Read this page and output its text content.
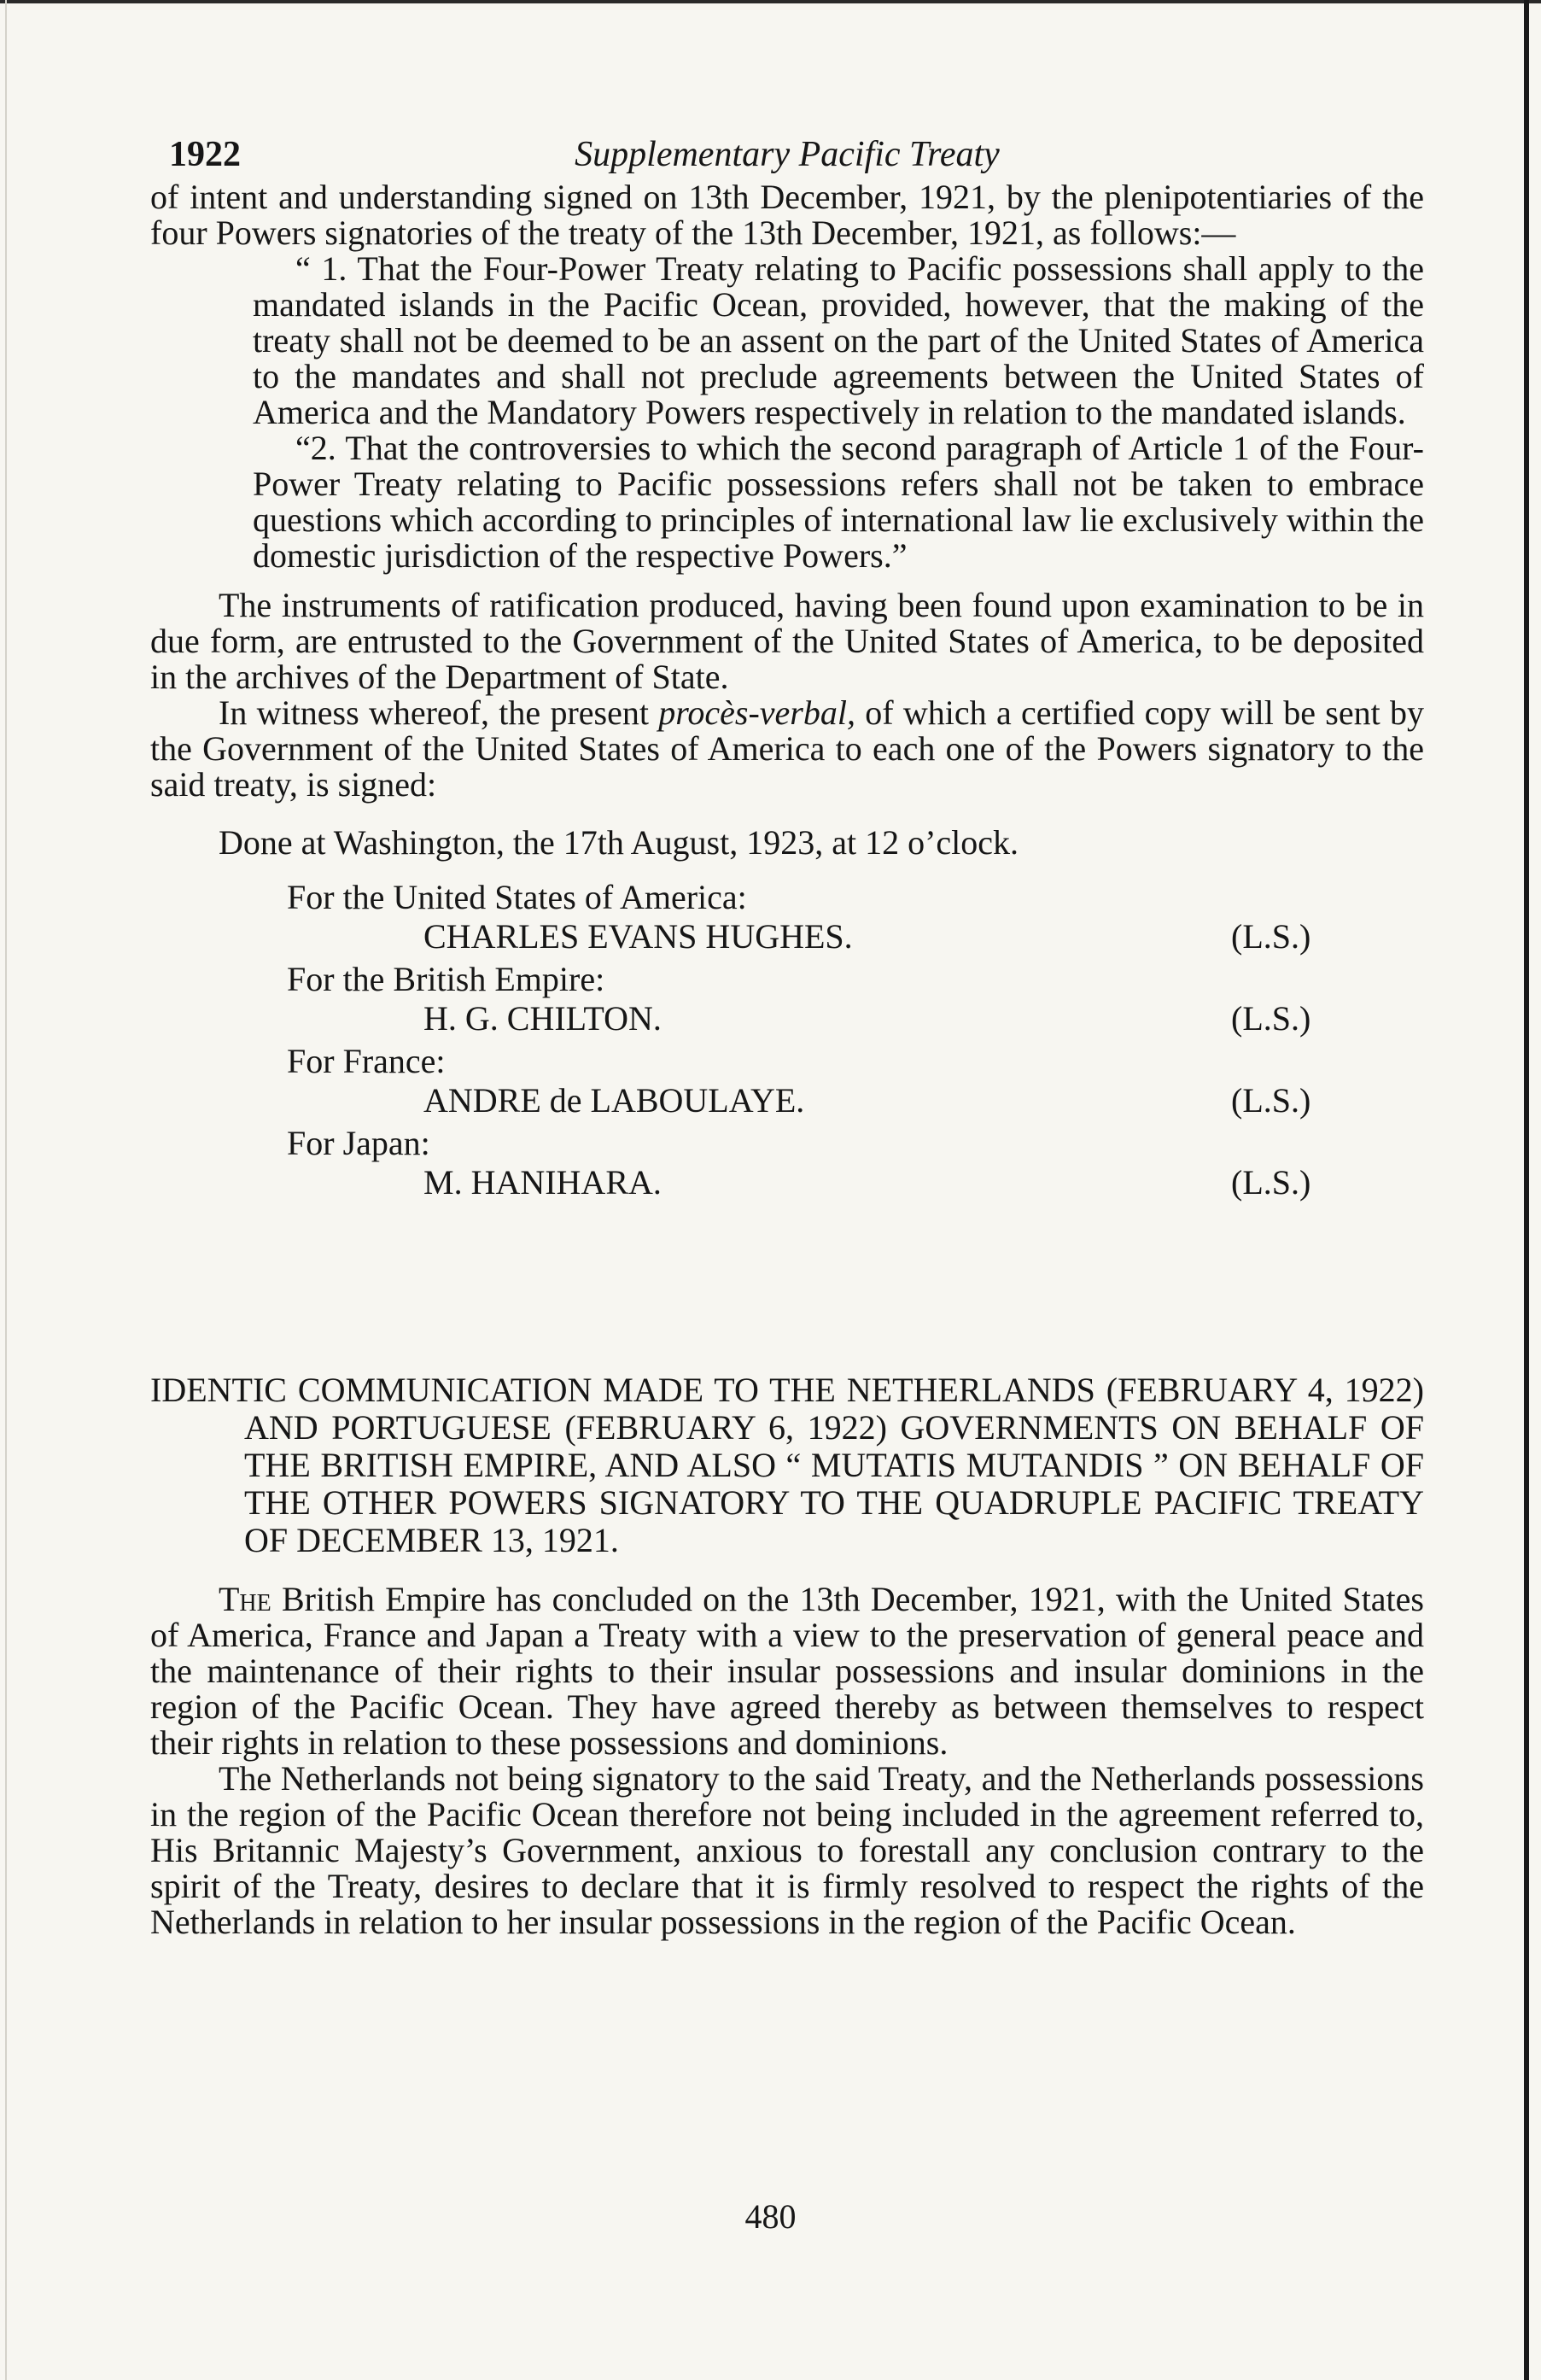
1922	Supplementary Pacific Treaty

of intent and understanding signed on 13th December, 1921, by the plenipotentiaries of the four Powers signatories of the treaty of the 13th December, 1921, as follows:—

“ 1. That the Four-Power Treaty relating to Pacific possessions shall apply to the mandated islands in the Pacific Ocean, provided, however, that the making of the treaty shall not be deemed to be an assent on the part of the United States of America to the mandates and shall not preclude agreements between the United States of America and the Mandatory Powers respectively in relation to the mandated islands.

“2. That the controversies to which the second paragraph of Article 1 of the Four-Power Treaty relating to Pacific possessions refers shall not be taken to embrace questions which according to principles of international law lie exclusively within the domestic jurisdiction of the respective Powers.”

The instruments of ratification produced, having been found upon examination to be in due form, are entrusted to the Government of the United States of America, to be deposited in the archives of the Department of State.

In witness whereof, the present procès-verbal, of which a certified copy will be sent by the Government of the United States of America to each one of the Powers signatory to the said treaty, is signed:

Done at Washington, the 17th August, 1923, at 12 o’clock.

For the United States of America:
CHARLES EVANS HUGHES.	(L.S.)
For the British Empire:
H. G. CHILTON.	(L.S.)
For France:
ANDRE de LABOULAYE.	(L.S.)
For Japan:
M. HANIHARA.	(L.S.)
IDENTIC COMMUNICATION MADE TO THE NETHERLANDS (FEBRUARY 4, 1922) AND PORTUGUESE (FEBRUARY 6, 1922) GOVERNMENTS ON BEHALF OF THE BRITISH EMPIRE, AND ALSO “ MUTATIS MUTANDIS ” ON BEHALF OF THE OTHER POWERS SIGNATORY TO THE QUADRUPLE PACIFIC TREATY OF DECEMBER 13, 1921.

The British Empire has concluded on the 13th December, 1921, with the United States of America, France and Japan a Treaty with a view to the preservation of general peace and the maintenance of their rights to their insular possessions and insular dominions in the region of the Pacific Ocean. They have agreed thereby as between themselves to respect their rights in relation to these possessions and dominions.

The Netherlands not being signatory to the said Treaty, and the Netherlands possessions in the region of the Pacific Ocean therefore not being included in the agreement referred to, His Britannic Majesty’s Government, anxious to forestall any conclusion contrary to the spirit of the Treaty, desires to declare that it is firmly resolved to respect the rights of the Netherlands in relation to her insular possessions in the region of the Pacific Ocean.

480
